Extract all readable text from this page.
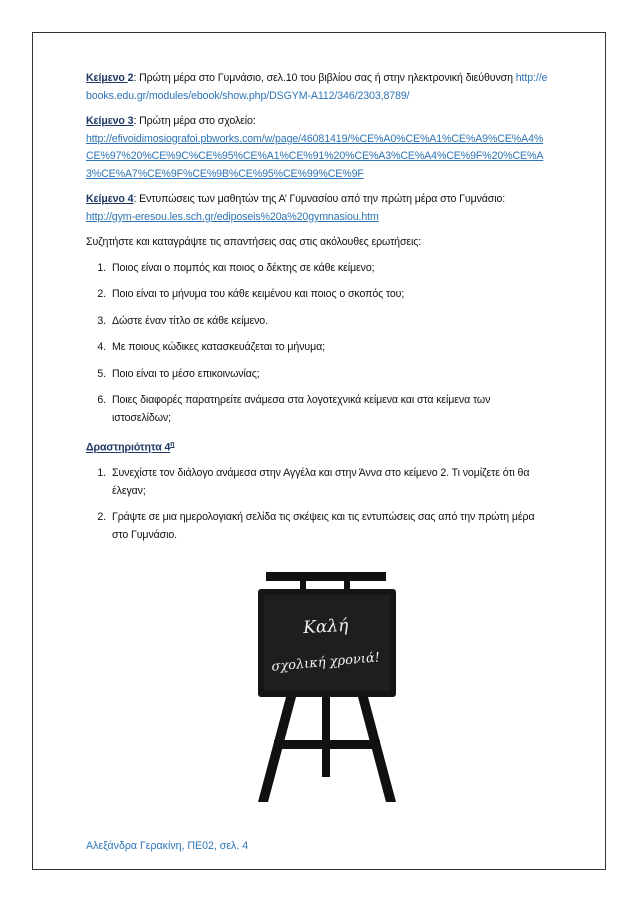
Κείμενο 2: Πρώτη μέρα στο Γυμνάσιο, σελ.10 του βιβλίου σας ή στην ηλεκτρονική διεύθυνση http://ebooks.edu.gr/modules/ebook/show.php/DSGYM-A112/346/2303,8789/

Κείμενο 3: Πρώτη μέρα στο σχολείο:
http://efivoidimosiografoi.pbworks.com/w/page/46081419/%CE%A0%CE%A1%CE%A9%CE%A4%CE%97%20%CE%9C%CE%95%CE%A1%CE%91%20%CE%A3%CE%A4%CE%9F%20%CE%A3%CE%A7%CE%9F%CE%9B%CE%95%CE%99%CE%9F

Κείμενο 4: Εντυπώσεις των μαθητών της Α’ Γυμνασίου από την πρώτη μέρα στο Γυμνάσιο: http://gym-eresou.les.sch.gr/ediposeis%20a%20gymnasiou.htm

Συζητήστε και καταγράψτε τις απαντήσεις σας στις ακόλουθες ερωτήσεις:

1. Ποιος είναι ο πομπός και ποιος ο δέκτης σε κάθε κείμενο;
2. Ποιο είναι το μήνυμα του κάθε κειμένου και ποιος ο σκοπός του;
3. Δώστε έναν τίτλο σε κάθε κείμενο.
4. Με ποιους κώδικες κατασκευάζεται το μήνυμα;
5. Ποιο είναι το μέσο επικοινωνίας;
6. Ποιες διαφορές παρατηρείτε ανάμεσα στα λογοτεχνικά κείμενα και στα κείμενα των ιστοσελίδων;

Δραστηριότητα $4^\eta$

1. Συνεχίστε τον διάλογο ανάμεσα στην Αγγέλα και στην Άννα στο κείμενο 2. Τι νομίζετε ότι θα έλεγαν;
2. Γράψτε σε μια ημερολογιακή σελίδα τις σκέψεις και τις εντυπώσεις σας από την πρώτη μέρα στο Γυμνάσιο.
Καλή
σχολική χρονιά!
Αλεξάνδρα Γερακίνη, ΠΕ02, σελ. 4
